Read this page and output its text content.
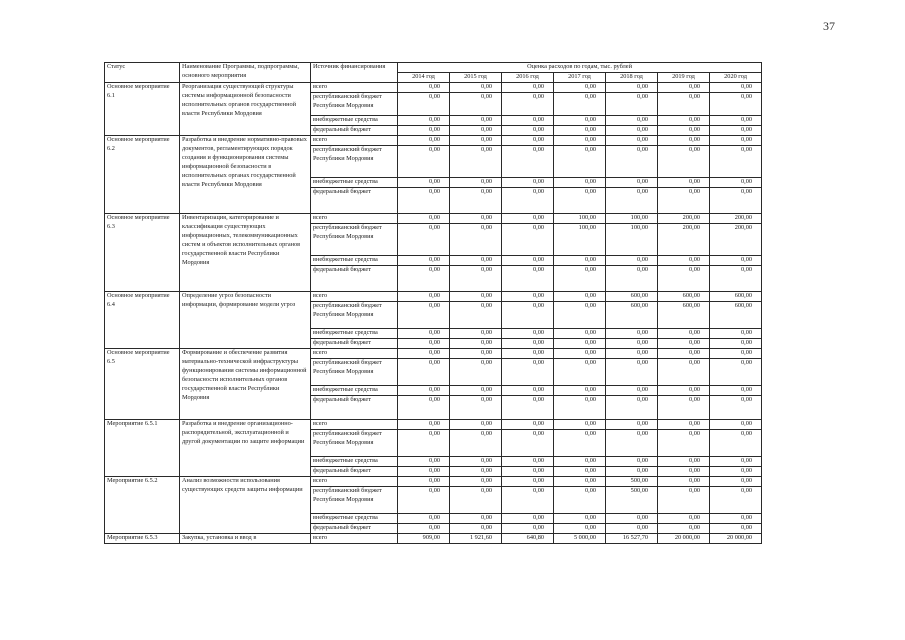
37
Статус	Наименование Программы, подпрограммы, основного мероприятия	Источник финансирования	Оценка расходов по годам, тыс. рублей						
			2014 год	2015 год	2016 год	2017 год	2018 год	2019 год	2020 год
Основное мероприятие 6.1	Реорганизация существующей структуры системы информационной безопасности исполнительных органов государственной власти Республики Мордовия	всего	0,00	0,00	0,00	0,00	0,00	0,00	0,00
		республиканский бюджет Республики Мордовия	0,00	0,00	0,00	0,00	0,00	0,00	0,00
		внебюджетные средства	0,00	0,00	0,00	0,00	0,00	0,00	0,00
		федеральный бюджет	0,00	0,00	0,00	0,00	0,00	0,00	0,00
Основное мероприятие 6.2	Разработка и внедрение нормативно-правовых документов, регламентирующих порядок создания и функционирования системы информационной безопасности в исполнительных органах государственной власти Республики Мордовия	всего	0,00	0,00	0,00	0,00	0,00	0,00	0,00
		республиканский бюджет Республики Мордовия	0,00	0,00	0,00	0,00	0,00	0,00	0,00
		внебюджетные средства	0,00	0,00	0,00	0,00	0,00	0,00	0,00
		федеральный бюджет	0,00	0,00	0,00	0,00	0,00	0,00	0,00
Основное мероприятие 6.3	Инвентаризация, категорирование и классификация существующих информационных, телекоммуникационных систем и объектов исполнительных органов государственной власти Республики Мордовия	всего	0,00	0,00	0,00	100,00	100,00	200,00	200,00
		республиканский бюджет Республики Мордовия	0,00	0,00	0,00	100,00	100,00	200,00	200,00
		внебюджетные средства	0,00	0,00	0,00	0,00	0,00	0,00	0,00
		федеральный бюджет	0,00	0,00	0,00	0,00	0,00	0,00	0,00
Основное мероприятие 6.4	Определение угроз безопасности информации, формирование модели угроз	всего	0,00	0,00	0,00	0,00	600,00	600,00	600,00
		республиканский бюджет Республики Мордовия	0,00	0,00	0,00	0,00	600,00	600,00	600,00
		внебюджетные средства	0,00	0,00	0,00	0,00	0,00	0,00	0,00
		федеральный бюджет	0,00	0,00	0,00	0,00	0,00	0,00	0,00
Основное мероприятие 6.5	Формирование и обеспечение развития материально-технической инфраструктуры функционирования системы информационной безопасности исполнительных органов государственной власти Республики Мордовия	всего	0,00	0,00	0,00	0,00	0,00	0,00	0,00
		республиканский бюджет Республики Мордовия	0,00	0,00	0,00	0,00	0,00	0,00	0,00
		внебюджетные средства	0,00	0,00	0,00	0,00	0,00	0,00	0,00
		федеральный бюджет	0,00	0,00	0,00	0,00	0,00	0,00	0,00
Мероприятие 6.5.1	Разработка и внедрение организационно-распорядительной, эксплуатационной и другой документации по защите информации	всего	0,00	0,00	0,00	0,00	0,00	0,00	0,00
		республиканский бюджет Республики Мордовия	0,00	0,00	0,00	0,00	0,00	0,00	0,00
		внебюджетные средства	0,00	0,00	0,00	0,00	0,00	0,00	0,00
		федеральный бюджет	0,00	0,00	0,00	0,00	0,00	0,00	0,00
Мероприятие 6.5.2	Анализ возможности использования существующих средств защиты информации	всего	0,00	0,00	0,00	0,00	500,00	0,00	0,00
		республиканский бюджет Республики Мордовия	0,00	0,00	0,00	0,00	500,00	0,00	0,00
		внебюджетные средства	0,00	0,00	0,00	0,00	0,00	0,00	0,00
		федеральный бюджет	0,00	0,00	0,00	0,00	0,00	0,00	0,00
Мероприятие 6.5.3	Закупка, установка и ввод в	всего	909,00	1 921,60	640,80	5 000,00	16 527,70	20 000,00	20 000,00
